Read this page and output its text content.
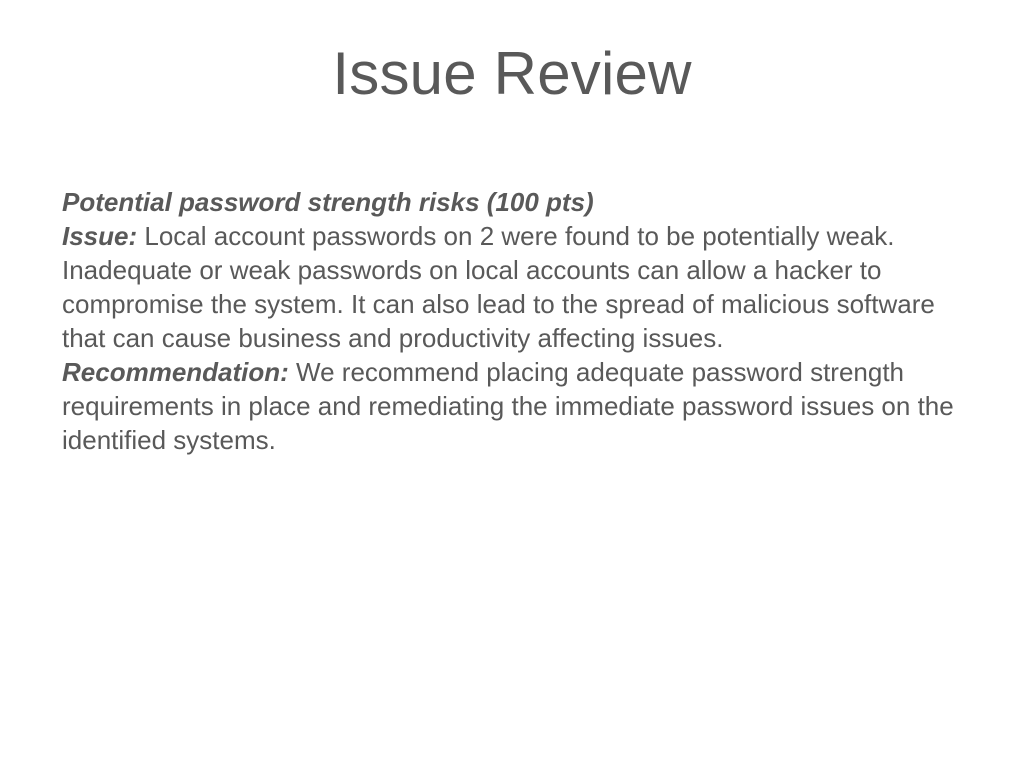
Issue Review

Potential password strength risks (100 pts)

Issue: Local account passwords on 2 were found to be potentially weak. Inadequate or weak passwords on local accounts can allow a hacker to compromise the system. It can also lead to the spread of malicious software that can cause business and productivity affecting issues.

Recommendation: We recommend placing adequate password strength requirements in place and remediating the immediate password issues on the identified systems.
